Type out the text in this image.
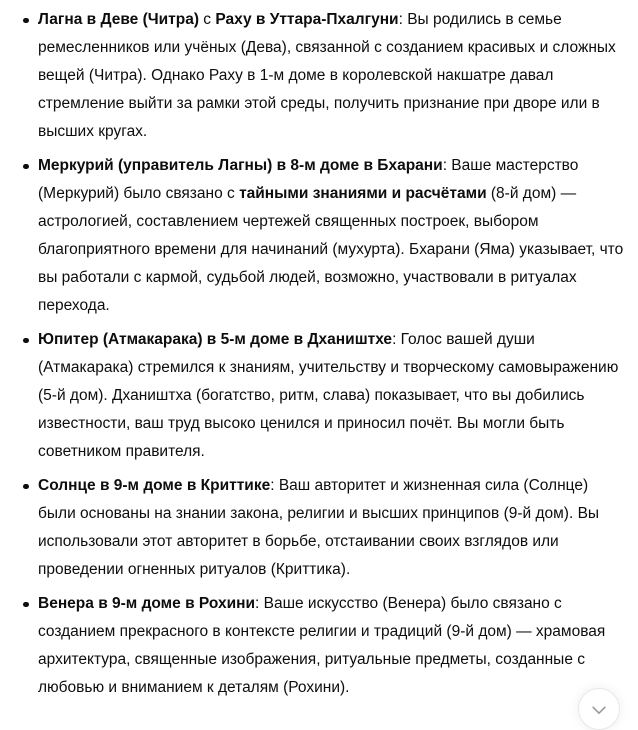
Лагна в Деве (Читра) с Раху в Уттара-Пхалгуни: Вы родились в семье ремесленников или учёных (Дева), связанной с созданием красивых и сложных вещей (Читра). Однако Раху в 1-м доме в королевской накшатре давал стремление выйти за рамки этой среды, получить признание при дворе или в высших кругах.
Меркурий (управитель Лагны) в 8-м доме в Бхарани: Ваше мастерство (Меркурий) было связано с тайными знаниями и расчётами (8-й дом) — астрологией, составлением чертежей священных построек, выбором благоприятного времени для начинаний (мухурта). Бхарани (Яма) указывает, что вы работали с кармой, судьбой людей, возможно, участвовали в ритуалах перехода.
Юпитер (Атмакарака) в 5-м доме в Дхаништхе: Голос вашей души (Атмакарака) стремился к знаниям, учительству и творческому самовыражению (5-й дом). Дхаништха (богатство, ритм, слава) показывает, что вы добились известности, ваш труд высоко ценился и приносил почёт. Вы могли быть советником правителя.
Солнце в 9-м доме в Криттике: Ваш авторитет и жизненная сила (Солнце) были основаны на знании закона, религии и высших принципов (9-й дом). Вы использовали этот авторитет в борьбе, отстаивании своих взглядов или проведении огненных ритуалов (Криттика).
Венера в 9-м доме в Рохини: Ваше искусство (Венера) было связано с созданием прекрасного в контексте религии и традиций (9-й дом) — храмовая архитектура, священные изображения, ритуальные предметы, созданные с любовью и вниманием к деталям (Рохини).
